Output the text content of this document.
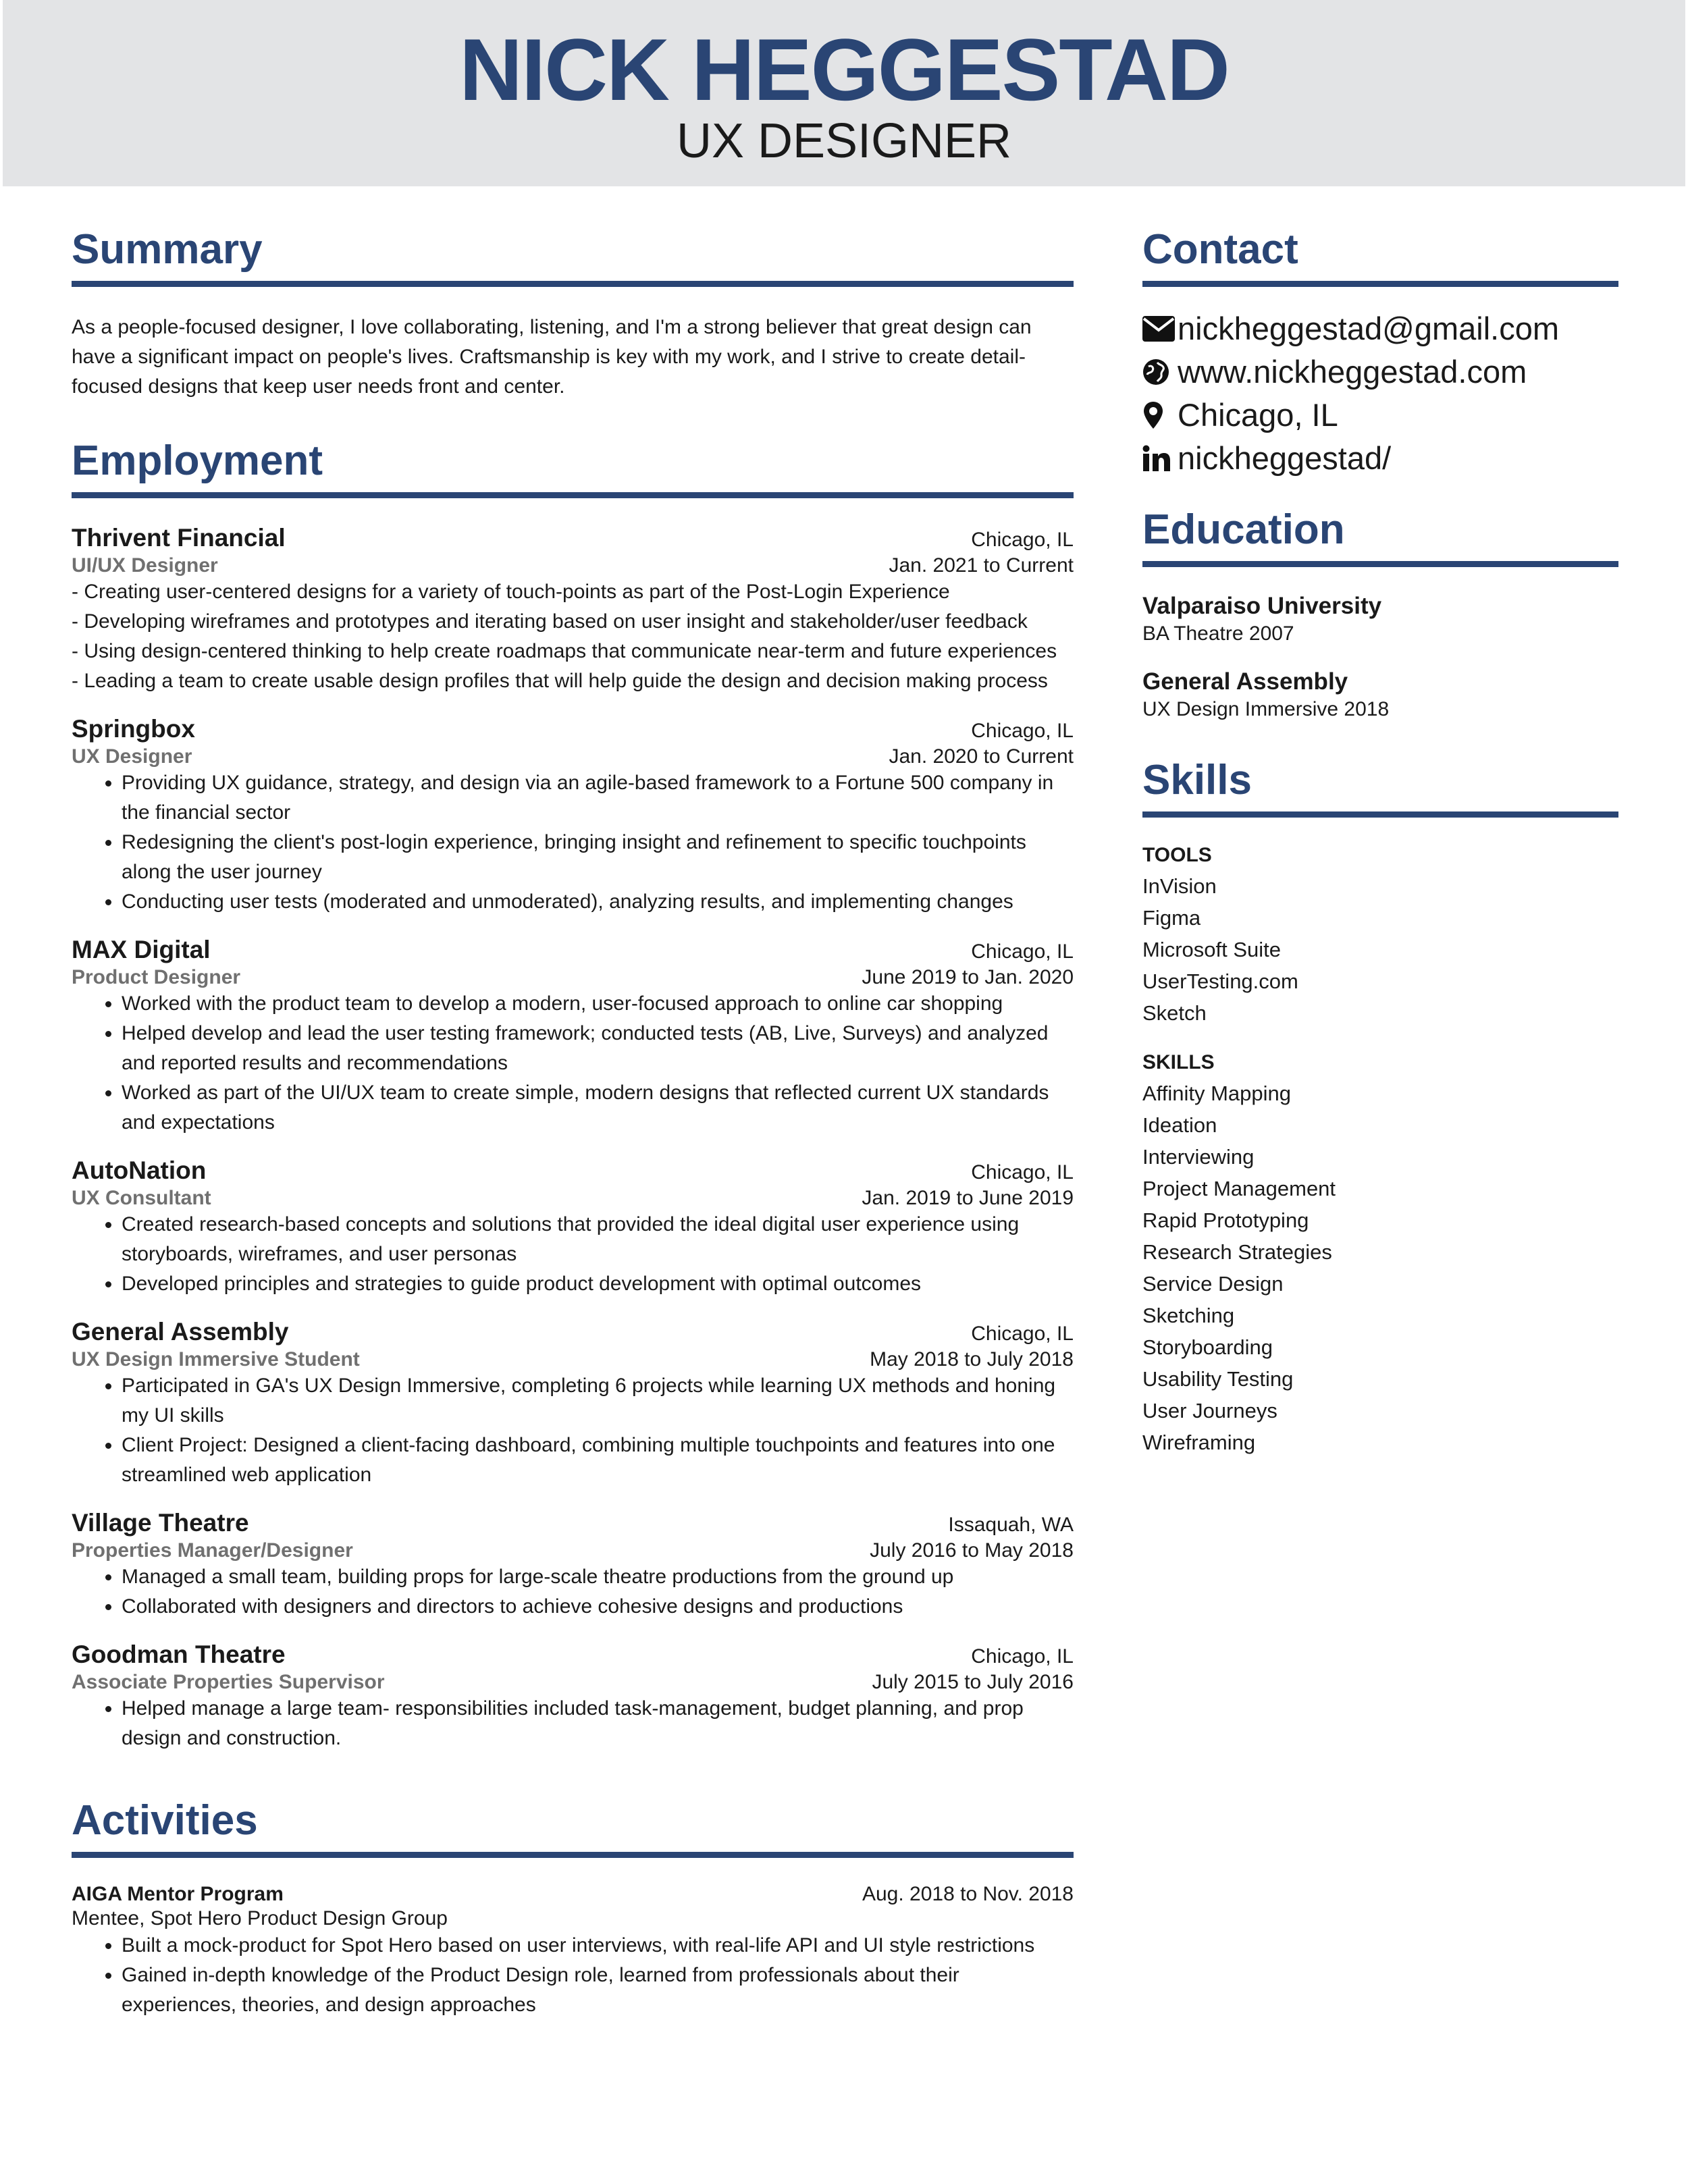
NICK HEGGESTAD
UX DESIGNER
Summary
As a people-focused designer, I love collaborating, listening, and I'm a strong believer that great design can have a significant impact on people's lives. Craftsmanship is key with my work, and I strive to create detail-focused designs that keep user needs front and center.
Employment
Thrivent Financial	Chicago, IL
UI/UX Designer	Jan. 2021 to Current
- Creating user-centered designs for a variety of touch-points as part of the Post-Login Experience
- Developing wireframes and prototypes and iterating based on user insight and stakeholder/user feedback
- Using design-centered thinking to help create roadmaps that communicate near-term and future experiences
- Leading a team to create usable design profiles that will help guide the design and decision making process
Springbox	Chicago, IL
UX Designer	Jan. 2020 to Current
• Providing UX guidance, strategy, and design via an agile-based framework to a Fortune 500 company in the financial sector
• Redesigning the client's post-login experience, bringing insight and refinement to specific touchpoints along the user journey
• Conducting user tests (moderated and unmoderated), analyzing results, and implementing changes
MAX Digital	Chicago, IL
Product Designer	June 2019 to Jan. 2020
• Worked with the product team to develop a modern, user-focused approach to online car shopping
• Helped develop and lead the user testing framework; conducted tests (AB, Live, Surveys) and analyzed and reported results and recommendations
• Worked as part of the UI/UX team to create simple, modern designs that reflected current UX standards and expectations
AutoNation	Chicago, IL
UX Consultant	Jan. 2019 to June 2019
• Created research-based concepts and solutions that provided the ideal digital user experience using storyboards, wireframes, and user personas
• Developed principles and strategies to guide product development with optimal outcomes
General Assembly	Chicago, IL
UX Design Immersive Student	May 2018 to July 2018
• Participated in GA's UX Design Immersive, completing 6 projects while learning UX methods and honing my UI skills
• Client Project: Designed a client-facing dashboard, combining multiple touchpoints and features into one streamlined web application
Village Theatre	Issaquah, WA
Properties Manager/Designer	July 2016 to May 2018
• Managed a small team, building props for large-scale theatre productions from the ground up
• Collaborated with designers and directors to achieve cohesive designs and productions
Goodman Theatre	Chicago, IL
Associate Properties Supervisor	July 2015 to July 2016
• Helped manage a large team- responsibilities included task-management, budget planning, and prop design and construction.
Activities
AIGA Mentor Program	Aug. 2018 to Nov. 2018
Mentee, Spot Hero Product Design Group
• Built a mock-product for Spot Hero based on user interviews, with real-life API and UI style restrictions
• Gained in-depth knowledge of the Product Design role, learned from professionals about their experiences, theories, and design approaches
Contact
nickheggestad@gmail.com
www.nickheggestad.com
Chicago, IL
nickheggestad/
Education
Valparaiso University
BA Theatre 2007
General Assembly
UX Design Immersive 2018
Skills
TOOLS
InVision
Figma
Microsoft Suite
UserTesting.com
Sketch
SKILLS
Affinity Mapping
Ideation
Interviewing
Project Management
Rapid Prototyping
Research Strategies
Service Design
Sketching
Storyboarding
Usability Testing
User Journeys
Wireframing
